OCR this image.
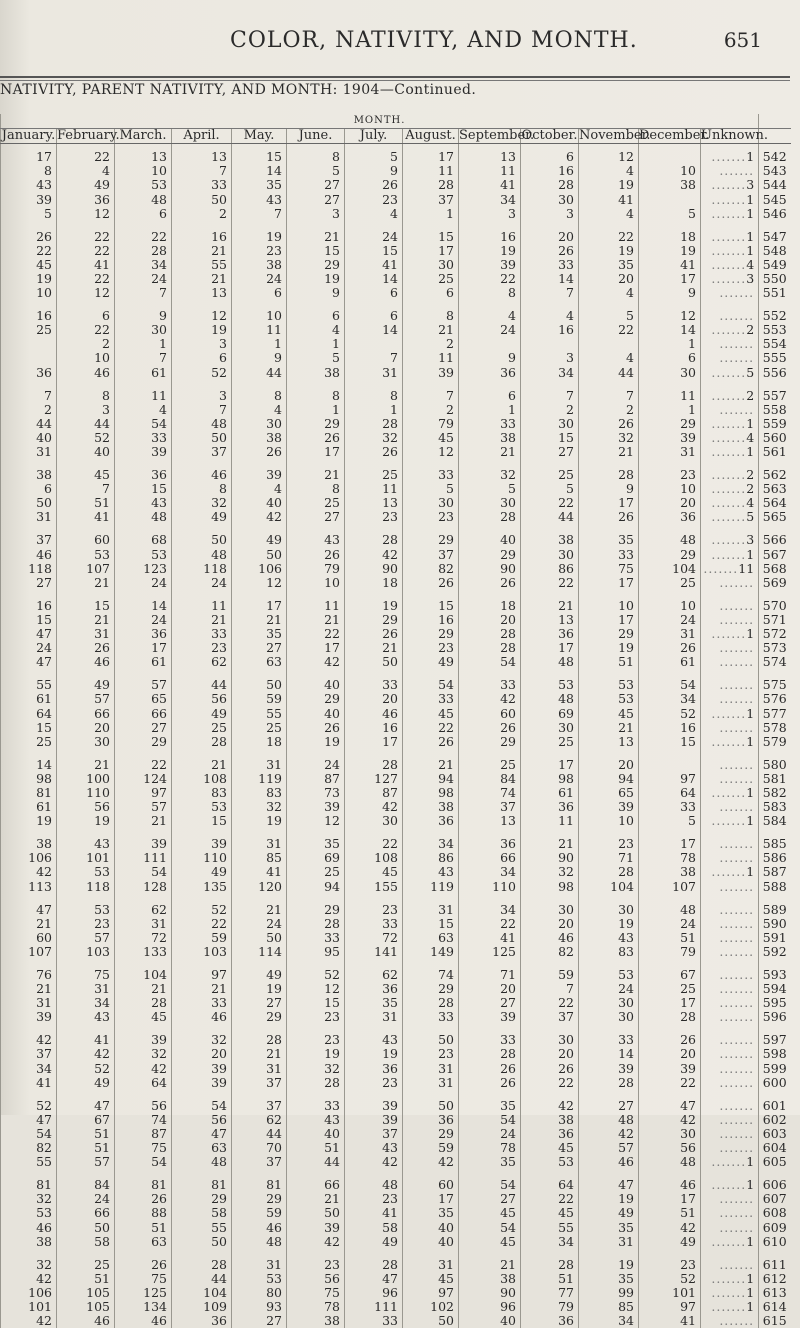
COLOR, NATIVITY, AND MONTH.	651
NATIVITY, PARENT NATIVITY, AND MONTH: 1904—Continued.
MONTH.													
January.	February.	March.	April.	May.	June.	July.	August.	September.	October.	November.	December.	Unknown.	
17	22	13	13	15	8	5	17	13	6	12		....... 1	542
8	4	10	7	14	5	9	11	11	16	4	10	.......	543
43	49	53	33	35	27	26	28	41	28	19	38	....... 3	544
39	36	48	50	43	27	23	37	34	30	41		....... 1	545
5	12	6	2	7	3	4	1	3	3	4	5	....... 1	546

26	22	22	16	19	21	24	15	16	20	22	18	....... 1	547
22	22	28	21	23	15	15	17	19	26	19	19	....... 1	548
45	41	34	55	38	29	41	30	39	33	35	41	....... 4	549
19	22	24	21	24	19	14	25	22	14	20	17	....... 3	550
10	12	7	13	6	9	6	6	8	7	4	9	.......	551

16	6	9	12	10	6	6	8	4	4	5	12	.......	552
25	22	30	19	11	4	14	21	24	16	22	14	....... 2	553
	2	1	3	1	1		2				1	.......	554
	10	7	6	9	5	7	11	9	3	4	6	.......	555
36	46	61	52	44	38	31	39	36	34	44	30	....... 5	556

7	8	11	3	8	8	8	7	6	7	7	11	....... 2	557
2	3	4	7	4	1	1	2	1	2	2	1	.......	558
44	44	54	48	30	29	28	79	33	30	26	29	....... 1	559
40	52	33	50	38	26	32	45	38	15	32	39	....... 4	560
31	40	39	37	26	17	26	12	21	27	21	31	....... 1	561

38	45	36	46	39	21	25	33	32	25	28	23	....... 2	562
6	7	15	8	4	8	11	5	5	5	9	10	....... 2	563
50	51	43	32	40	25	13	30	30	22	17	20	....... 4	564
31	41	48	49	42	27	23	23	28	44	26	36	....... 5	565

37	60	68	50	49	43	28	29	40	38	35	48	....... 3	566
46	53	53	48	50	26	42	37	29	30	33	29	....... 1	567
118	107	123	118	106	79	90	82	90	86	75	104	....... 11	568
27	21	24	24	12	10	18	26	26	22	17	25	.......	569

16	15	14	11	17	11	19	15	18	21	10	10	.......	570
15	21	24	21	21	21	29	16	20	13	17	24	.......	571
47	31	36	33	35	22	26	29	28	36	29	31	....... 1	572
24	26	17	23	27	17	21	23	28	17	19	26	.......	573
47	46	61	62	63	42	50	49	54	48	51	61	.......	574

55	49	57	44	50	40	33	54	33	53	53	54	.......	575
61	57	65	56	59	29	20	33	42	48	53	34	.......	576
64	66	66	49	55	40	46	45	60	69	45	52	....... 1	577
15	20	27	25	25	26	16	22	26	30	21	16	.......	578
25	30	29	28	18	19	17	26	29	25	13	15	....... 1	579

14	21	22	21	31	24	28	21	25	17	20		.......	580
98	100	124	108	119	87	127	94	84	98	94	97	.......	581
81	110	97	83	83	73	87	98	74	61	65	64	....... 1	582
61	56	57	53	32	39	42	38	37	36	39	33	.......	583
19	19	21	15	19	12	30	36	13	11	10	5	....... 1	584

38	43	39	39	31	35	22	34	36	21	23	17	.......	585
106	101	111	110	85	69	108	86	66	90	71	78	.......	586
42	53	54	49	41	25	45	43	34	32	28	38	....... 1	587
113	118	128	135	120	94	155	119	110	98	104	107	.......	588

47	53	62	52	21	29	23	31	34	30	30	48	.......	589
21	23	31	22	24	28	33	15	22	20	19	24	.......	590
60	57	72	59	50	33	72	63	41	46	43	51	.......	591
107	103	133	103	114	95	141	149	125	82	83	79	.......	592

76	75	104	97	49	52	62	74	71	59	53	67	.......	593
21	31	21	21	19	12	36	29	20	7	24	25	.......	594
31	34	28	33	27	15	35	28	27	22	30	17	.......	595
39	43	45	46	29	23	31	33	39	37	30	28	.......	596

42	41	39	32	28	23	43	50	33	30	33	26	.......	597
37	42	32	20	21	19	19	23	28	20	14	20	.......	598
34	52	42	39	31	32	36	31	26	26	39	39	.......	599
41	49	64	39	37	28	23	31	26	22	28	22	.......	600

52	47	56	54	37	33	39	50	35	42	27	47	.......	601
47	67	74	56	62	43	39	36	54	38	48	42	.......	602
54	51	87	47	44	40	37	29	24	36	42	30	.......	603
82	51	75	63	70	51	43	59	78	45	57	56	.......	604
55	57	54	48	37	44	42	42	35	53	46	48	....... 1	605

81	84	81	81	81	66	48	60	54	64	47	46	....... 1	606
32	24	26	29	29	21	23	17	27	22	19	17	.......	607
53	66	88	58	59	50	41	35	45	45	49	51	.......	608
46	50	51	55	46	39	58	40	54	55	35	42	.......	609
38	58	63	50	48	42	49	40	45	34	31	49	....... 1	610

32	25	26	28	31	23	28	31	21	28	19	23	.......	611
42	51	75	44	53	56	47	45	38	51	35	52	....... 1	612
106	105	125	104	80	75	96	97	90	77	99	101	....... 1	613
101	105	134	109	93	78	111	102	96	79	85	97	....... 1	614
42	46	46	36	27	38	33	50	40	36	34	41	.......	615
